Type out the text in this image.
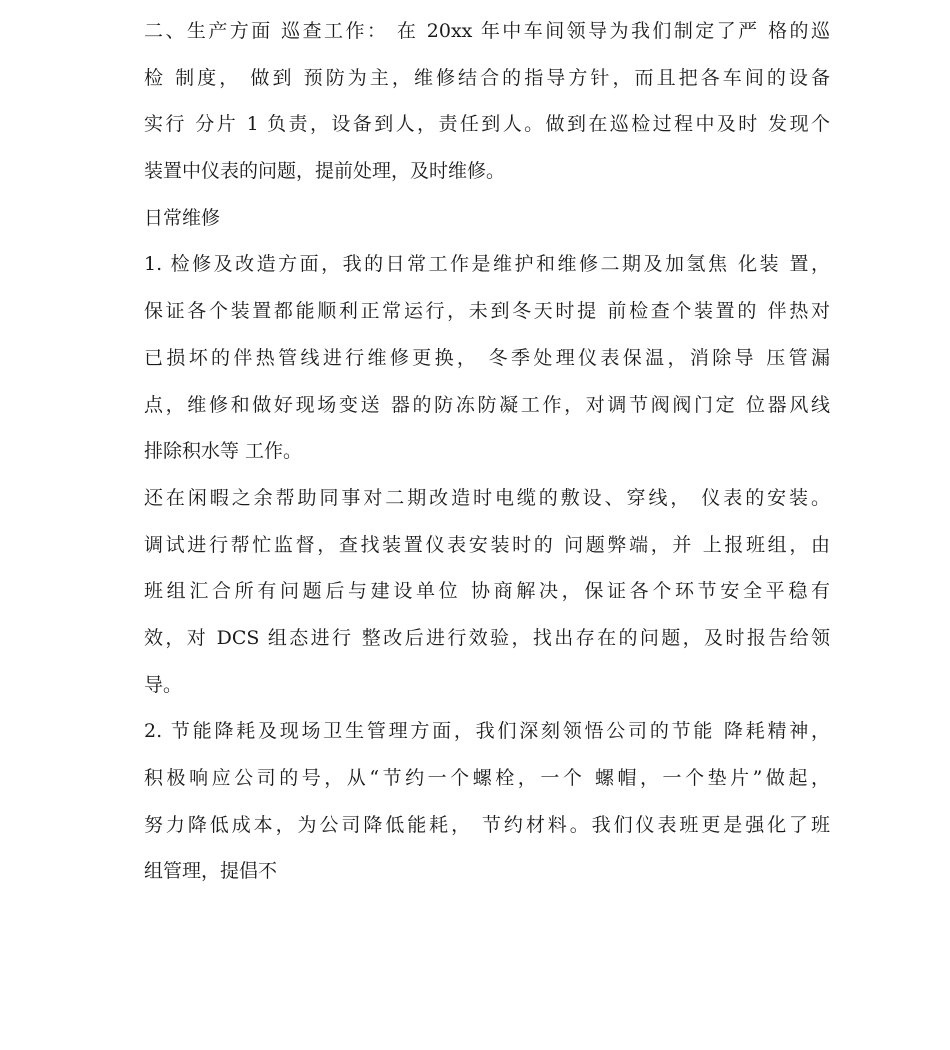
二、生产方面 巡查工作： 在 20xx 年中车间领导为我们制定了严 格的巡
检 制度， 做到 预防为主，维修结合的指导方针，而且把各车间的设备
实行 分片 1 负责，设备到人，责任到人。做到在巡检过程中及时 发现个
装置中仪表的问题，提前处理，及时维修。
日常维修
1. 检修及改造方面，我的日常工作是维护和维修二期及加氢焦 化装 置，
保证各个装置都能顺利正常运行，未到冬天时提 前检查个装置的 伴热对
已损坏的伴热管线进行维修更换， 冬季处理仪表保温，消除导 压管漏
点，维修和做好现场变送 器的防冻防凝工作，对调节阀阀门定 位器风线
排除积水等 工作。
还在闲暇之余帮助同事对二期改造时电缆的敷设、穿线， 仪表的安装。
调试进行帮忙监督，查找装置仪表安装时的 问题弊端，并 上报班组，由
班组汇合所有问题后与建设单位 协商解决，保证各个环节安全平稳有
效，对 DCS 组态进行 整改后进行效验，找出存在的问题，及时报告给领
导。
2. 节能降耗及现场卫生管理方面，我们深刻领悟公司的节能 降耗精神，
积极响应公司的号，从“节约一个螺栓，一个 螺帽，一个垫片”做起，
努力降低成本，为公司降低能耗， 节约材料。我们仪表班更是强化了班
组管理，提倡不
